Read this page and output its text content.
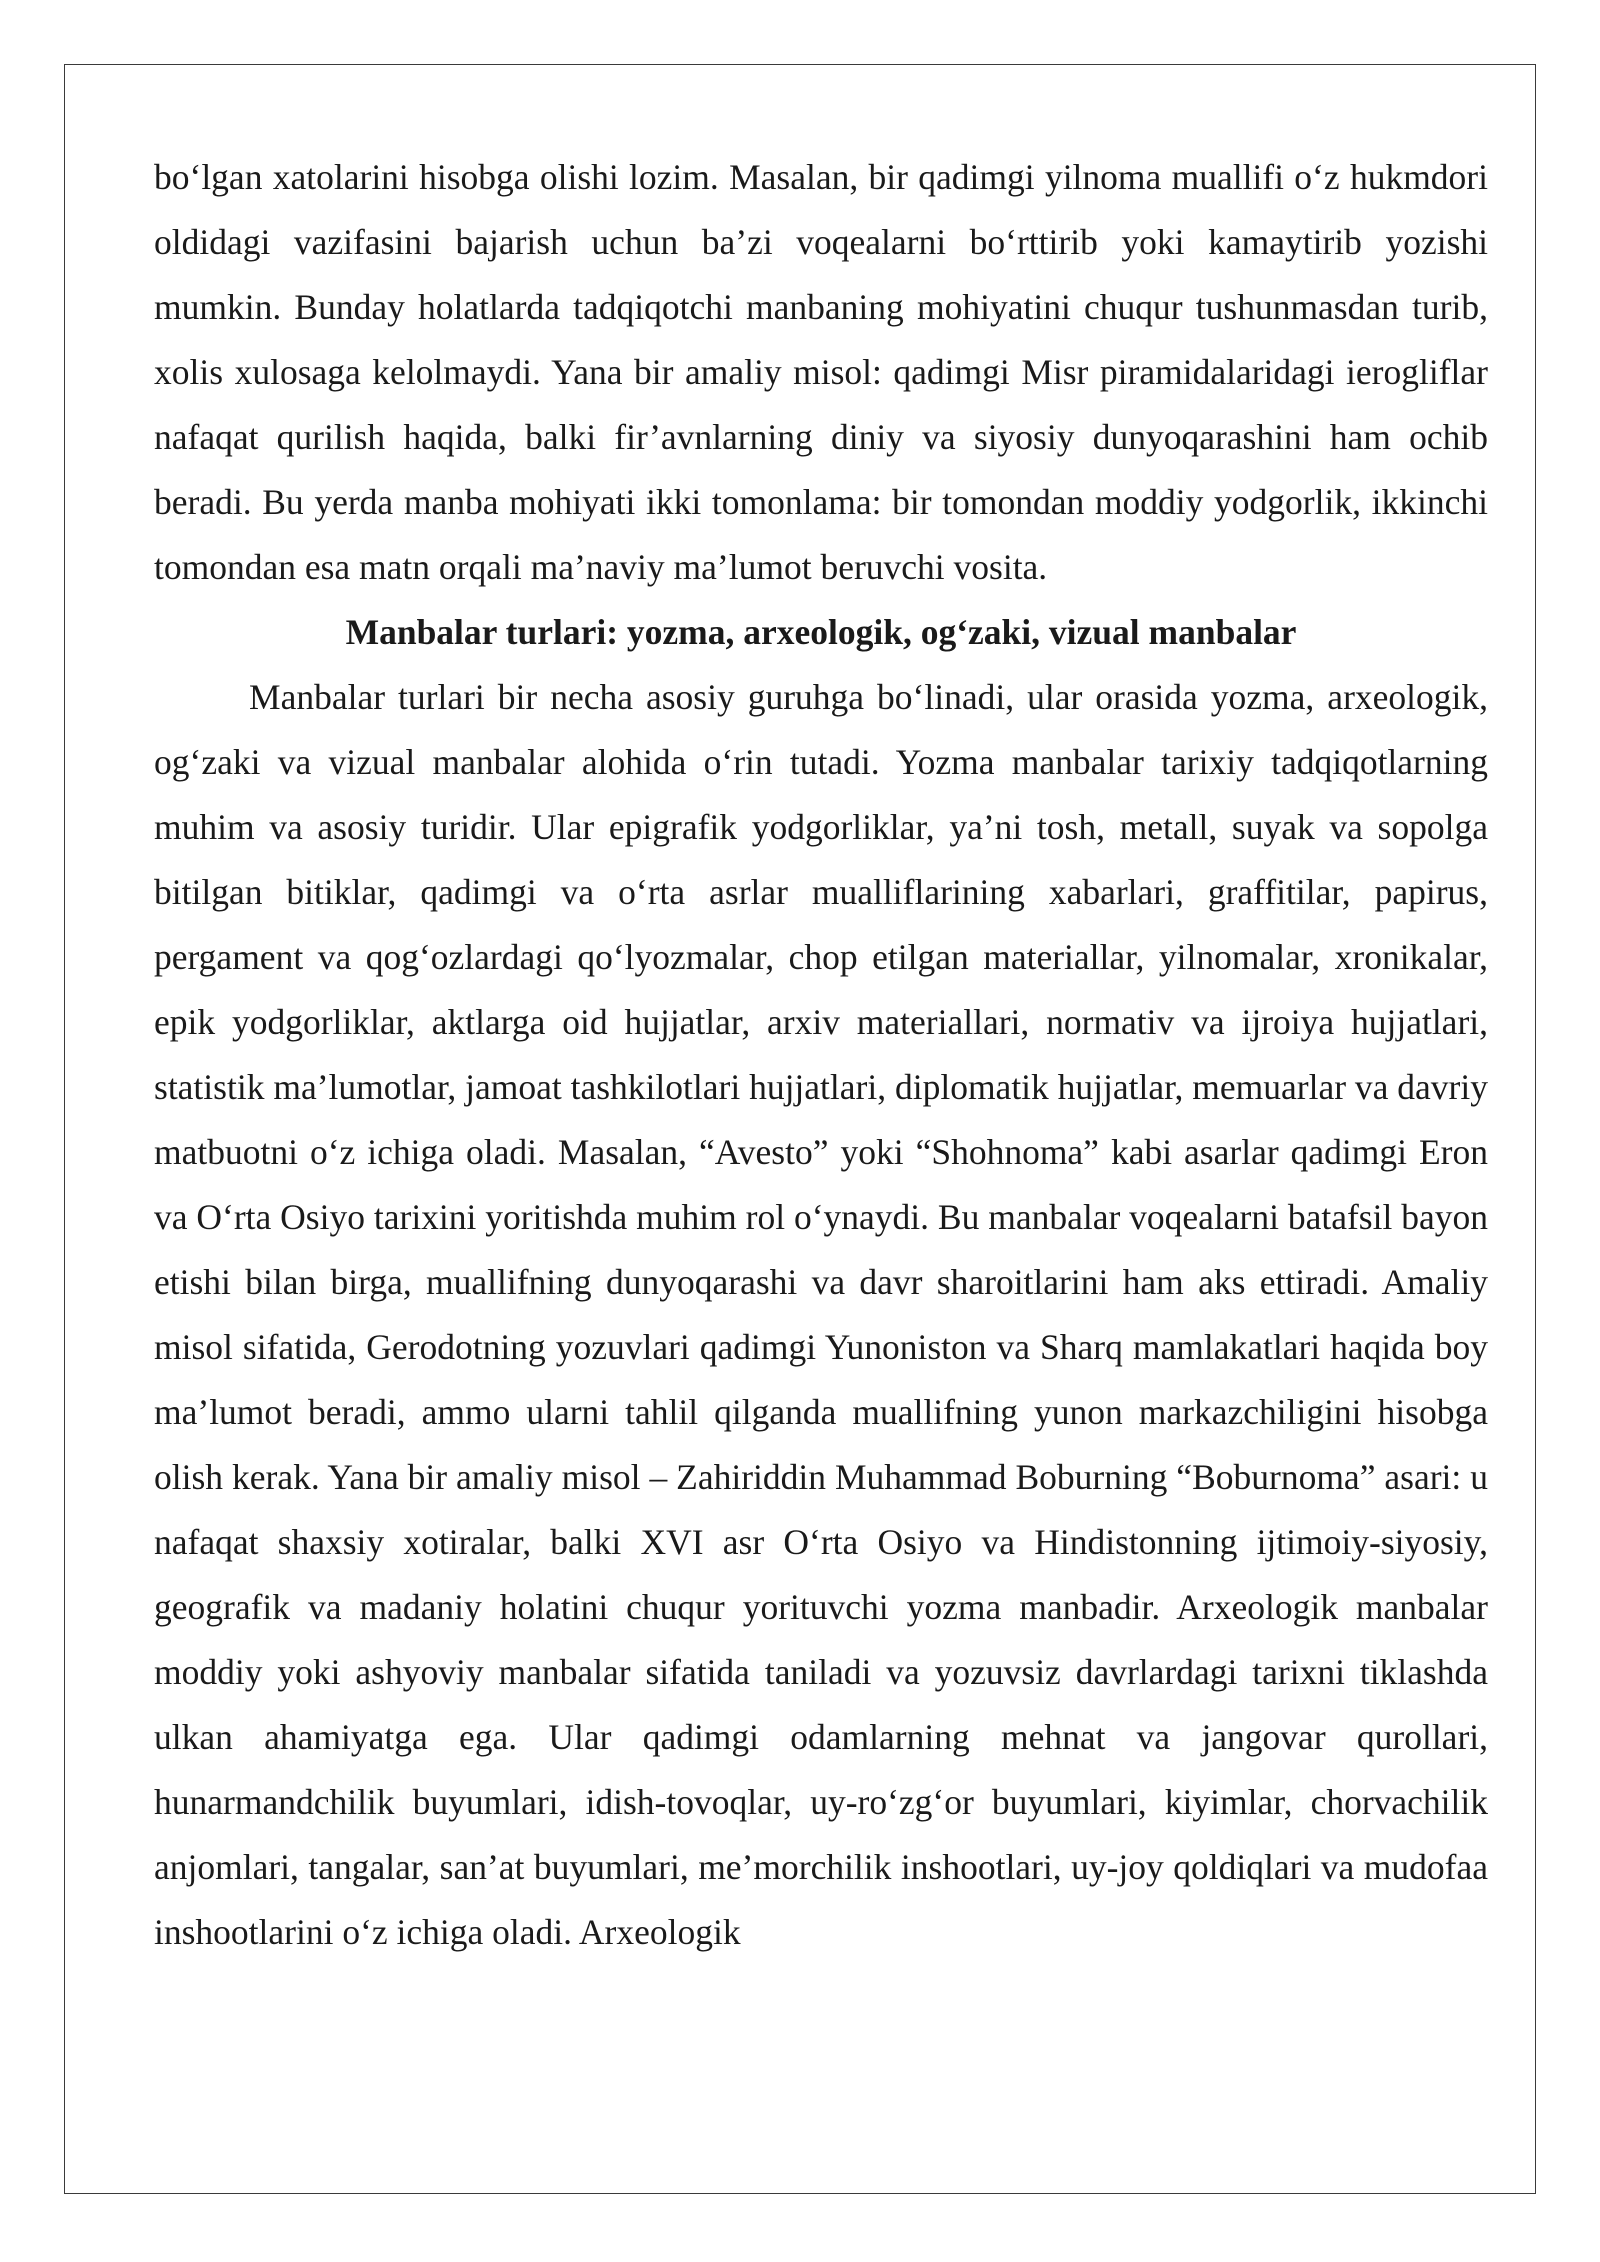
bo‘lgan xatolarini hisobga olishi lozim. Masalan, bir qadimgi yilnoma muallifi o‘z hukmdori oldidagi vazifasini bajarish uchun ba’zi voqealarni bo‘rttirib yoki kamaytirib yozishi mumkin. Bunday holatlarda tadqiqotchi manbaning mohiyatini chuqur tushunmasdan turib, xolis xulosaga kelolmaydi. Yana bir amaliy misol: qadimgi Misr piramidalaridagi ierogliflar nafaqat qurilish haqida, balki fir’avnlarning diniy va siyosiy dunyoqarashini ham ochib beradi. Bu yerda manba mohiyati ikki tomonlama: bir tomondan moddiy yodgorlik, ikkinchi tomondan esa matn orqali ma’naviy ma’lumot beruvchi vosita.

Manbalar turlari: yozma, arxeologik, og‘zaki, vizual manbalar

Manbalar turlari bir necha asosiy guruhga bo‘linadi, ular orasida yozma, arxeologik, og‘zaki va vizual manbalar alohida o‘rin tutadi. Yozma manbalar tarixiy tadqiqotlarning muhim va asosiy turidir. Ular epigrafik yodgorliklar, ya’ni tosh, metall, suyak va sopolga bitilgan bitiklar, qadimgi va o‘rta asrlar mualliflarining xabarlari, graffitilar, papirus, pergament va qog‘ozlardagi qo‘lyozmalar, chop etilgan materiallar, yilnomalar, xronikalar, epik yodgorliklar, aktlarga oid hujjatlar, arxiv materiallari, normativ va ijroiya hujjatlari, statistik ma’lumotlar, jamoat tashkilotlari hujjatlari, diplomatik hujjatlar, memuarlar va davriy matbuotni o‘z ichiga oladi. Masalan, “Avesto” yoki “Shohnoma” kabi asarlar qadimgi Eron va O‘rta Osiyo tarixini yoritishda muhim rol o‘ynaydi. Bu manbalar voqealarni batafsil bayon etishi bilan birga, muallifning dunyoqarashi va davr sharoitlarini ham aks ettiradi. Amaliy misol sifatida, Gerodotning yozuvlari qadimgi Yunoniston va Sharq mamlakatlari haqida boy ma’lumot beradi, ammo ularni tahlil qilganda muallifning yunon markazchiligini hisobga olish kerak. Yana bir amaliy misol – Zahiriddin Muhammad Boburning “Boburnoma” asari: u nafaqat shaxsiy xotiralar, balki XVI asr O‘rta Osiyo va Hindistonning ijtimoiy-siyosiy, geografik va madaniy holatini chuqur yorituvchi yozma manbadir. Arxeologik manbalar moddiy yoki ashyoviy manbalar sifatida taniladi va yozuvsiz davrlardagi tarixni tiklashda ulkan ahamiyatga ega. Ular qadimgi odamlarning mehnat va jangovar qurollari, hunarmandchilik buyumlari, idish-tovoqlar, uy-ro‘zg‘or buyumlari, kiyimlar, chorvachilik anjomlari, tangalar, san’at buyumlari, me’morchilik inshootlari, uy-joy qoldiqlari va mudofaa inshootlarini o‘z ichiga oladi. Arxeologik
